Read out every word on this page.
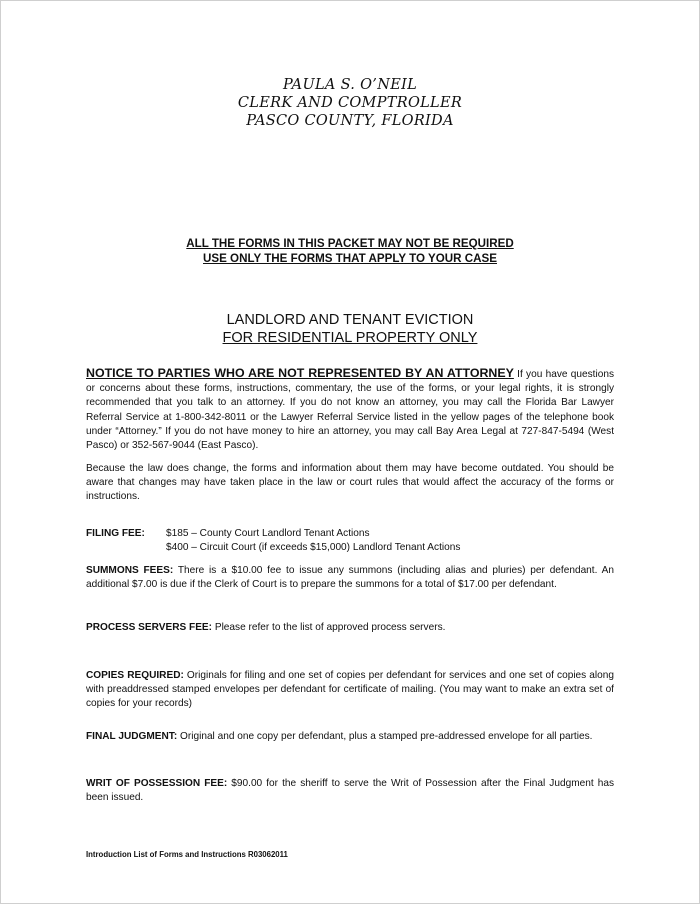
PAULA S. O’NEIL
CLERK AND COMPTROLLER
PASCO COUNTY, FLORIDA
ALL THE FORMS IN THIS PACKET MAY NOT BE REQUIRED
USE ONLY THE FORMS THAT APPLY TO YOUR CASE
LANDLORD AND TENANT EVICTION
FOR RESIDENTIAL PROPERTY ONLY
NOTICE TO PARTIES WHO ARE NOT REPRESENTED BY AN ATTORNEY If you have questions or concerns about these forms, instructions, commentary, the use of the forms, or your legal rights, it is strongly recommended that you talk to an attorney. If you do not know an attorney, you may call the Florida Bar Lawyer Referral Service at 1-800-342-8011 or the Lawyer Referral Service listed in the yellow pages of the telephone book under “Attorney.” If you do not have money to hire an attorney, you may call Bay Area Legal at 727-847-5494 (West Pasco) or 352-567-9044 (East Pasco).
Because the law does change, the forms and information about them may have become outdated. You should be aware that changes may have taken place in the law or court rules that would affect the accuracy of the forms or instructions.
FILING FEE:	$185 – County Court Landlord Tenant Actions
	$400 – Circuit Court (if exceeds $15,000) Landlord Tenant Actions
SUMMONS FEES: There is a $10.00 fee to issue any summons (including alias and pluries) per defendant. An additional $7.00 is due if the Clerk of Court is to prepare the summons for a total of $17.00 per defendant.
PROCESS SERVERS FEE: Please refer to the list of approved process servers.
COPIES REQUIRED: Originals for filing and one set of copies per defendant for services and one set of copies along with preaddressed stamped envelopes per defendant for certificate of mailing. (You may want to make an extra set of copies for your records)
FINAL JUDGMENT: Original and one copy per defendant, plus a stamped pre-addressed envelope for all parties.
WRIT OF POSSESSION FEE: $90.00 for the sheriff to serve the Writ of Possession after the Final Judgment has been issued.
Introduction List of Forms and Instructions R03062011
